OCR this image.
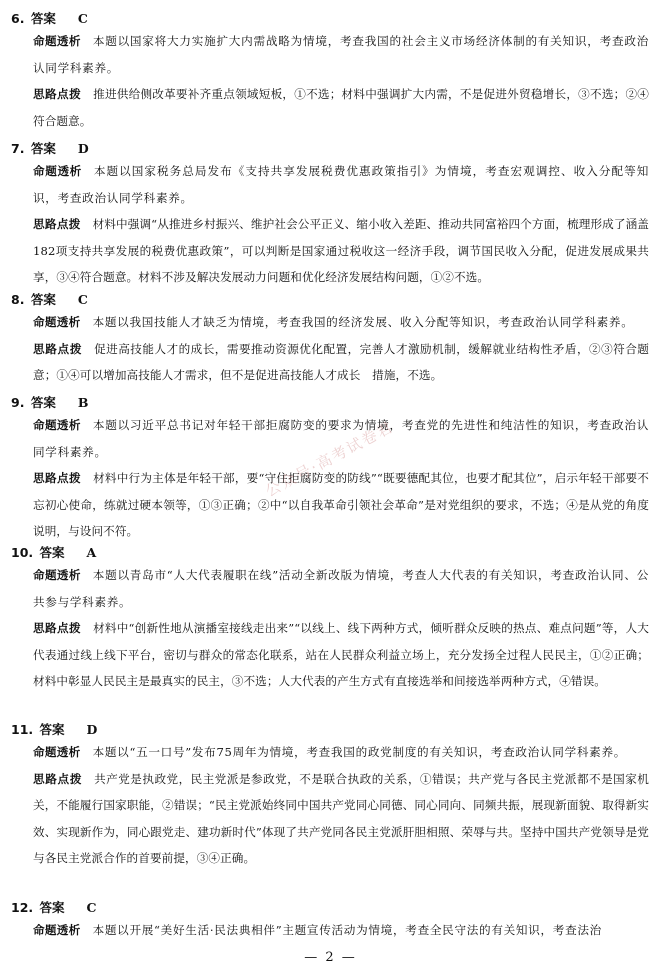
6. 答案 C
命题透析 本题以国家将大力实施扩大内需战略为情境，考查我国的社会主义市场经济体制的有关知识，考查政治认同学科素养。
思路点拨 推进供给侧改革要补齐重点领域短板，①不选；材料中强调扩大内需，不是促进外贸稳增长，③不选；②④符合题意。
7. 答案 D
命题透析 本题以国家税务总局发布《支持共享发展税费优惠政策指引》为情境，考查宏观调控、收入分配等知识，考查政治认同学科素养。
思路点拨 材料中强调“从推进乡村振兴、维护社会公平正义、缩小收入差距、推动共同富裕四个方面，梳理形成了涵盖182项支持共享发展的税费优惠政策”，可以判断是国家通过税收这一经济手段，调节国民收入分配，促进发展成果共享，③④符合题意。材料不涉及解决发展动力问题和优化经济发展结构问题，①②不选。
8. 答案 C
命题透析 本题以我国技能人才缺乏为情境，考查我国的经济发展、收入分配等知识，考查政治认同学科素养。
思路点拨 促进高技能人才的成长，需要推动资源优化配置，完善人才激励机制，缓解就业结构性矛盾，②③符合题意；①④可以增加高技能人才需求，但不是促进高技能人才成长　措施，不选。
9. 答案 B
命题透析 本题以习近平总书记对年轻干部拒腐防变的要求为情境，考查党的先进性和纯洁性的知识，考查政治认同学科素养。
思路点拨 材料中行为主体是年轻干部，要“守住拒腐防变的防线”“既要德配其位，也要才配其位”，启示年轻干部要不忘初心使命，练就过硬本领等，①③正确；②中“以自我革命引领社会革命”是对党组织的要求，不选；④是从党的角度说明，与设问不符。
10. 答案 A
命题透析 本题以青岛市“人大代表履职在线”活动全新改版为情境，考查人大代表的有关知识，考查政治认同、公共参与学科素养。
思路点拨 材料中“创新性地从演播室接线走出来”“以线上、线下两种方式，倾听群众反映的热点、难点问题”等，人大代表通过线上线下平台，密切与群众的常态化联系，站在人民群众利益立场上，充分发扬全过程人民民主，①②正确；材料中彰显人民民主是最真实的民主，③不选；人大代表的产生方式有直接选举和间接选举两种方式，④错误。
11. 答案 D
命题透析 本题以“五一口号”发布75周年为情境，考查我国的政党制度的有关知识，考查政治认同学科素养。
思路点拨 共产党是执政党，民主党派是参政党，不是联合执政的关系，①错误；共产党与各民主党派都不是国家机关，不能履行国家职能，②错误；“民主党派始终同中国共产党同心同德、同心同向、同频共振，展现新面貌、取得新实效、实现新作为，同心跟党走、建功新时代”体现了共产党同各民主党派肝胆相照、荣辱与共。坚持中国共产党领导是党与各民主党派合作的首要前提，③④正确。
12. 答案 C
命题透析 本题以开展“美好生活·民法典相伴”主题宣传活动为情境，考查全民守法的有关知识，考查法治
公众号·高考试卷君
— 2 —
